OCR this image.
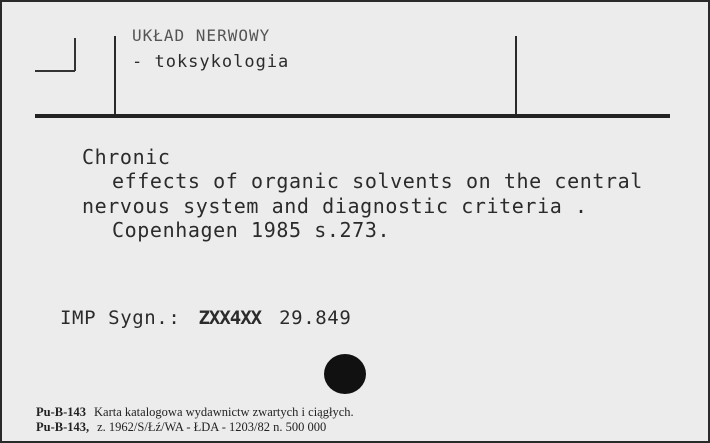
UKŁAD NERWOWY
- toksykologia
Chronic
effects of organic solvents on the central
nervous system and diagnostic criteria .
Copenhagen 1985 s.273.
IMP Sygn.: ZXX4XX 29.849
Pu-B-143 Karta katalogowa wydawnictw zwartych i ciągłych.
Pu-B-143, z. 1962/S/Łź/WA - ŁDA - 1203/82 n. 500 000
